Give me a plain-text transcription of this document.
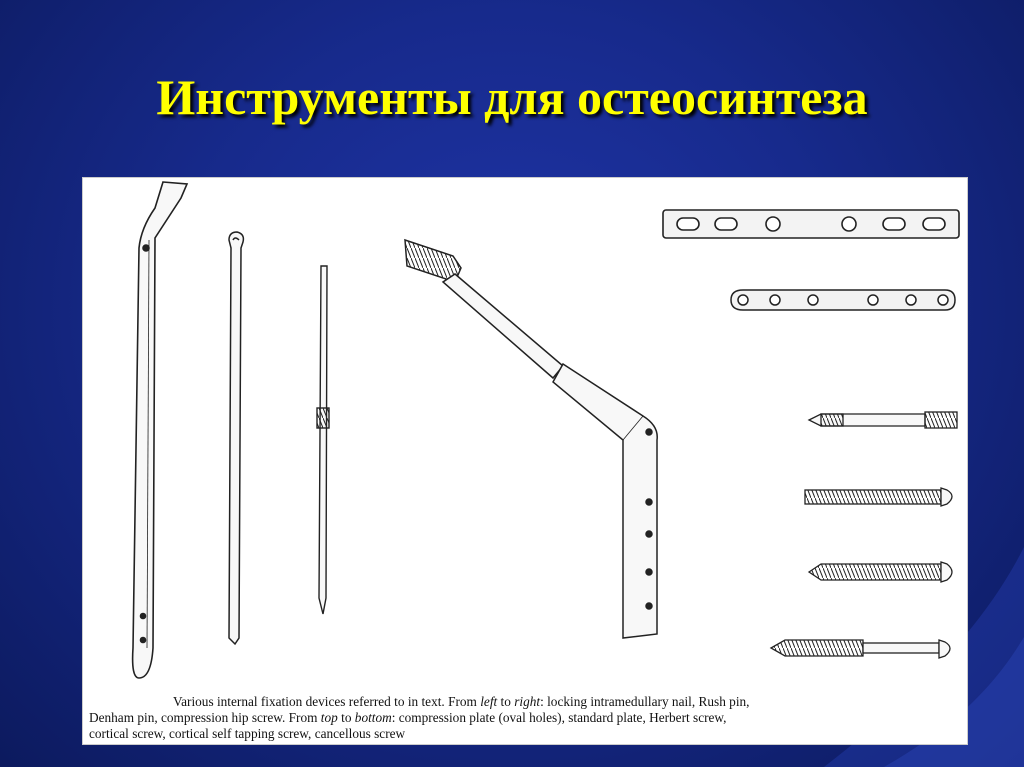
Инструменты для остеосинтеза
Various internal fixation devices referred to in text. From left to right: locking intramedullary nail, Rush pin,
Denham pin, compression hip screw. From top to bottom: compression plate (oval holes), standard plate, Herbert screw,
cortical screw, cortical self tapping screw, cancellous screw
